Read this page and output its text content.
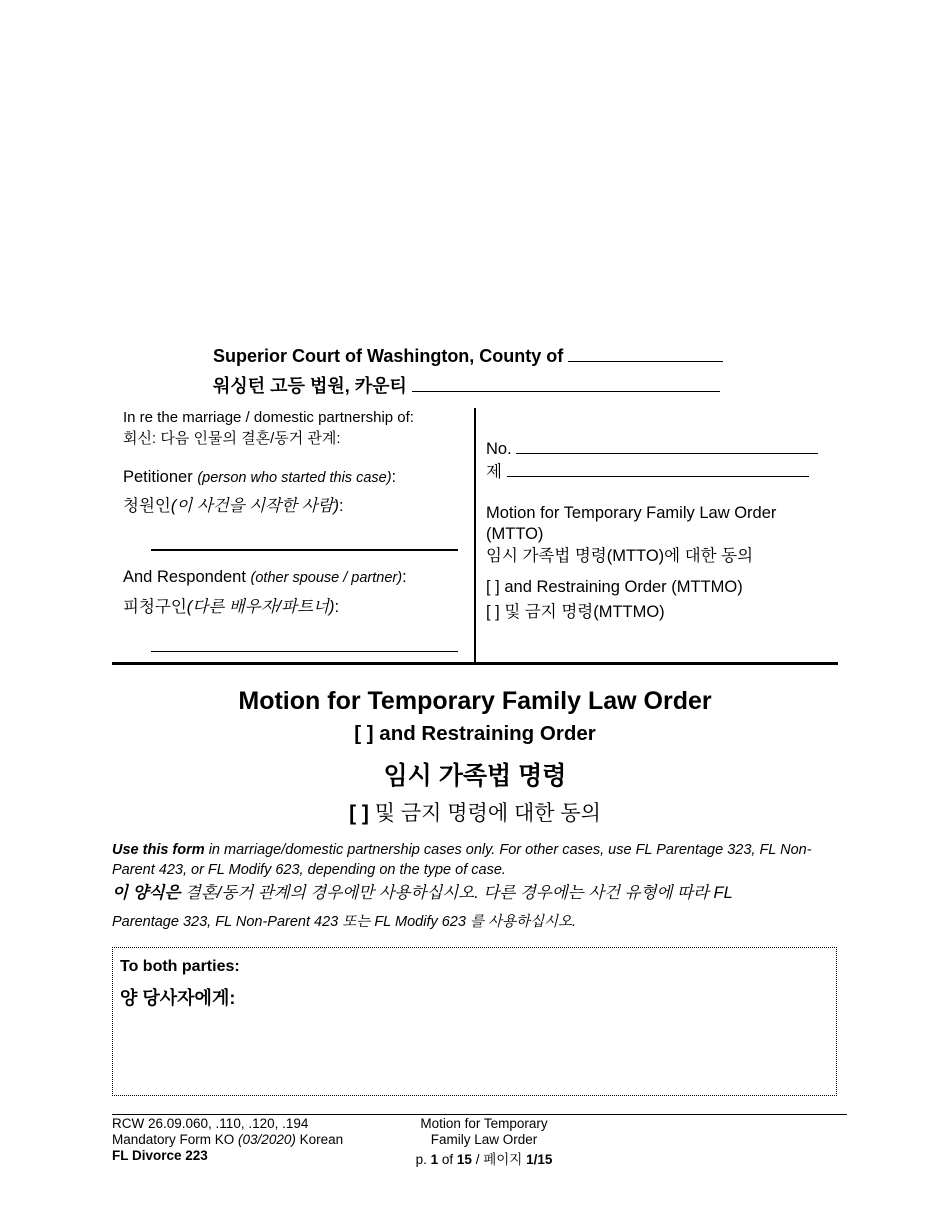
Superior Court of Washington, County of
워싱턴 고등 법원, 카운티
In re the marriage / domestic partnership of:
회신: 다음 인물의 결혼/동거 관계:
Petitioner (person who started this case):
청원인(이 사건을 시작한 사람):
And Respondent (other spouse / partner):
피청구인(다른 배우자/파트너):
No.
제
Motion for Temporary Family Law Order (MTTO)
임시 가족법 명령(MTTO)에 대한 동의
[ ] and Restraining Order (MTTMO)
[ ] 및 금지 명령(MTTMO)
Motion for Temporary Family Law Order
[ ] and Restraining Order
임시 가족법 명령
[ ] 및 금지 명령에 대한 동의
Use this form in marriage/domestic partnership cases only. For other cases, use FL Parentage 323, FL Non-Parent 423, or FL Modify 623, depending on the type of case.
이 양식은 결혼/동거 관계의 경우에만 사용하십시오. 다른 경우에는 사건 유형에 따라 FL
Parentage 323, FL Non-Parent 423 또는 FL Modify 623 를 사용하십시오.
To both parties:
양 당사자에게:
RCW 26.09.060, .110, .120, .194
Mandatory Form KO (03/2020) Korean
FL Divorce 223
Motion for Temporary
Family Law Order
p. 1 of 15 / 페이지 1/15
